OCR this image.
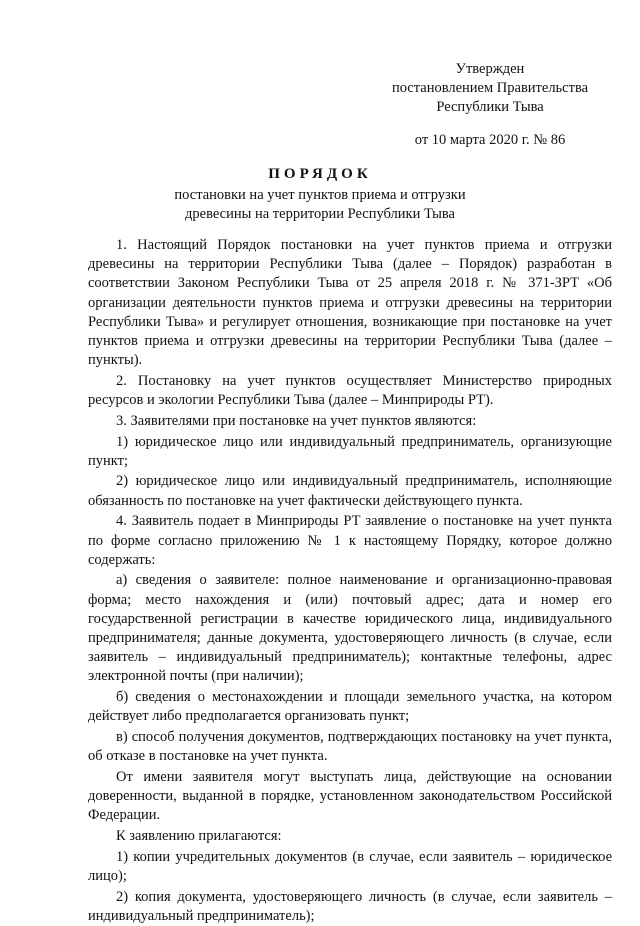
Утвержден
постановлением Правительства
Республики Тыва
от 10 марта 2020 г. № 86
ПОРЯДОК
постановки на учет пунктов приема и отгрузки
древесины на территории Республики Тыва

1. Настоящий Порядок постановки на учет пунктов приема и отгрузки древесины на территории Республики Тыва (далее – Порядок) разработан в соответствии Законом Республики Тыва от 25 апреля 2018 г. № 371-ЗРТ «Об организации деятельности пунктов приема и отгрузки древесины на территории Республики Тыва» и регулирует отношения, возникающие при постановке на учет пунктов приема и отгрузки древесины на территории Республики Тыва (далее – пункты).

2. Постановку на учет пунктов осуществляет Министерство природных ресурсов и экологии Республики Тыва (далее – Минприроды РТ).

3. Заявителями при постановке на учет пунктов являются:

1) юридическое лицо или индивидуальный предприниматель, организующие пункт;

2) юридическое лицо или индивидуальный предприниматель, исполняющие обязанность по постановке на учет фактически действующего пункта.

4. Заявитель подает в Минприроды РТ заявление о постановке на учет пункта по форме согласно приложению № 1 к настоящему Порядку, которое должно содержать:

а) сведения о заявителе: полное наименование и организационно-правовая форма; место нахождения и (или) почтовый адрес; дата и номер его государственной регистрации в качестве юридического лица, индивидуального предпринимателя; данные документа, удостоверяющего личность (в случае, если заявитель – индивидуальный предприниматель); контактные телефоны, адрес электронной почты (при наличии);

б) сведения о местонахождении и площади земельного участка, на котором действует либо предполагается организовать пункт;

в) способ получения документов, подтверждающих постановку на учет пункта, об отказе в постановке на учет пункта.

От имени заявителя могут выступать лица, действующие на основании доверенности, выданной в порядке, установленном законодательством Российской Федерации.

К заявлению прилагаются:

1) копии учредительных документов (в случае, если заявитель – юридическое лицо);

2) копия документа, удостоверяющего личность (в случае, если заявитель – индивидуальный предприниматель);
